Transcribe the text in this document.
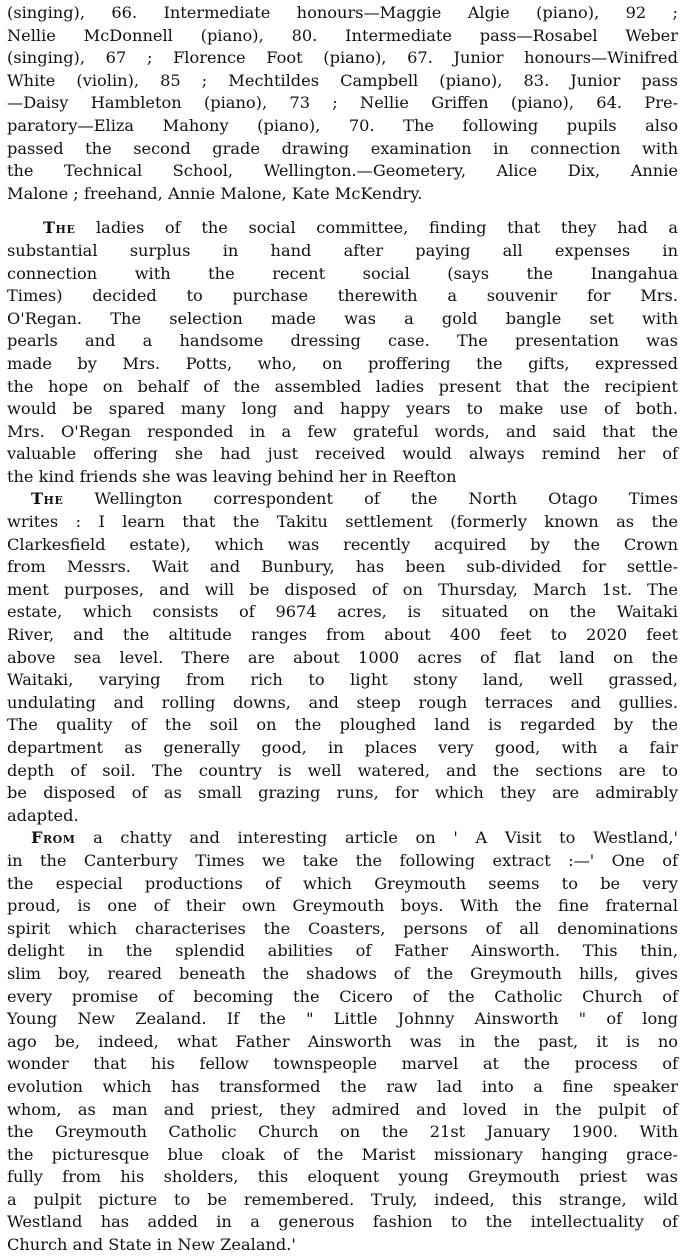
(singing), 66. Intermediate honours—Maggie Algie (piano), 92 ;
Nellie McDonnell (piano), 80. Intermediate pass—Rosabel Weber
(singing), 67 ; Florence Foot (piano), 67. Junior honours—Winifred
White (violin), 85 ; Mechtildes Campbell (piano), 83. Junior pass
—Daisy Hambleton (piano), 73 ; Nellie Griffen (piano), 64. Pre-
paratory—Eliza Mahony (piano), 70. The following pupils also
passed the second grade drawing examination in connection with
the Technical School, Wellington.—Geometery, Alice Dix, Annie
Malone ; freehand, Annie Malone, Kate McKendry.
The ladies of the social committee, finding that they had a
substantial surplus in hand after paying all expenses in
connection with the recent social (says the Inangahua
Times) decided to purchase therewith a souvenir for Mrs.
O'Regan. The selection made was a gold bangle set with
pearls and a handsome dressing case. The presentation was
made by Mrs. Potts, who, on proffering the gifts, expressed
the hope on behalf of the assembled ladies present that the recipient
would be spared many long and happy years to make use of both.
Mrs. O'Regan responded in a few grateful words, and said that the
valuable offering she had just received would always remind her of
the kind friends she was leaving behind her in Reefton
The Wellington correspondent of the North Otago Times
writes : I learn that the Takitu settlement (formerly known as the
Clarkesfield estate), which was recently acquired by the Crown
from Messrs. Wait and Bunbury, has been sub-divided for settle-
ment purposes, and will be disposed of on Thursday, March 1st. The
estate, which consists of 9674 acres, is situated on the Waitaki
River, and the altitude ranges from about 400 feet to 2020 feet
above sea level. There are about 1000 acres of flat land on the
Waitaki, varying from rich to light stony land, well grassed,
undulating and rolling downs, and steep rough terraces and gullies.
The quality of the soil on the ploughed land is regarded by the
department as generally good, in places very good, with a fair
depth of soil. The country is well watered, and the sections are to
be disposed of as small grazing runs, for which they are admirably
adapted.
From a chatty and interesting article on ' A Visit to Westland,'
in the Canterbury Times we take the following extract :—' One of
the especial productions of which Greymouth seems to be very
proud, is one of their own Greymouth boys. With the fine fraternal
spirit which characterises the Coasters, persons of all denominations
delight in the splendid abilities of Father Ainsworth. This thin,
slim boy, reared beneath the shadows of the Greymouth hills, gives
every promise of becoming the Cicero of the Catholic Church of
Young New Zealand. If the " Little Johnny Ainsworth " of long
ago be, indeed, what Father Ainsworth was in the past, it is no
wonder that his fellow townspeople marvel at the process of
evolution which has transformed the raw lad into a fine speaker
whom, as man and priest, they admired and loved in the pulpit of
the Greymouth Catholic Church on the 21st January 1900. With
the picturesque blue cloak of the Marist missionary hanging grace-
fully from his sholders, this eloquent young Greymouth priest was
a pulpit picture to be remembered. Truly, indeed, this strange, wild
Westland has added in a generous fashion to the intellectuality of
Church and State in New Zealand.'
